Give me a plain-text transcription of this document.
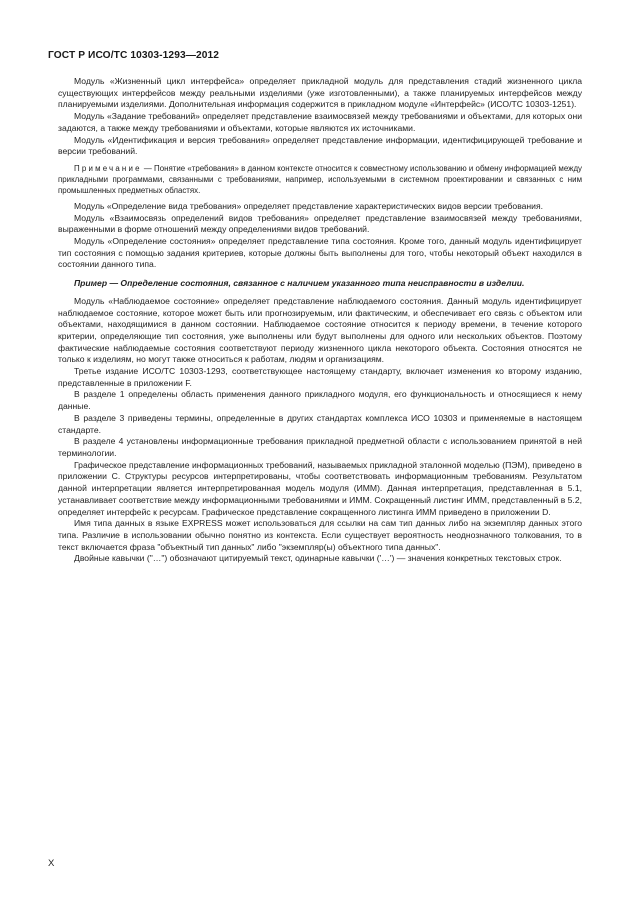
ГОСТ Р ИСО/ТС 10303-1293—2012

Модуль «Жизненный цикл интерфейса» определяет прикладной модуль для представления стадий жизненного цикла существующих интерфейсов между реальными изделиями (уже изготовленными), а также планируемых интерфейсов между планируемыми изделиями. Дополнительная информация содержится в прикладном модуле «Интерфейс» (ИСО/ТС 10303-1251).

Модуль «Задание требований» определяет представление взаимосвязей между требованиями и объектами, для которых они задаются, а также между требованиями и объектами, которые являются их источниками.

Модуль «Идентификация и версия требования» определяет представление информации, идентифицирующей требование и версии требований.

Примечание — Понятие «требования» в данном контексте относится к совместному использованию и обмену информацией между прикладными программами, связанными с требованиями, например, используемыми в системном проектировании и связанных с ним промышленных предметных областях.

Модуль «Определение вида требования» определяет представление характеристических видов версии требования.

Модуль «Взаимосвязь определений видов требования» определяет представление взаимосвязей между требованиями, выраженными в форме отношений между определениями видов требований.

Модуль «Определение состояния» определяет представление типа состояния. Кроме того, данный модуль идентифицирует тип состояния с помощью задания критериев, которые должны быть выполнены для того, чтобы некоторый объект находился в состоянии данного типа.

Пример — Определение состояния, связанное с наличием указанного типа неисправности в изделии.

Модуль «Наблюдаемое состояние» определяет представление наблюдаемого состояния. Данный модуль идентифицирует наблюдаемое состояние, которое может быть или прогнозируемым, или фактическим, и обеспечивает его связь с объектом или объектами, находящимися в данном состоянии. Наблюдаемое состояние относится к периоду времени, в течение которого критерии, определяющие тип состояния, уже выполнены или будут выполнены для одного или нескольких объектов. Поэтому фактические наблюдаемые состояния соответствуют периоду жизненного цикла некоторого объекта. Состояния относятся не только к изделиям, но могут также относиться к работам, людям и организациям.

Третье издание ИСО/ТС 10303-1293, соответствующее настоящему стандарту, включает изменения ко второму изданию, представленные в приложении F.

В разделе 1 определены область применения данного прикладного модуля, его функциональность и относящиеся к нему данные.

В разделе 3 приведены термины, определенные в других стандартах комплекса ИСО 10303 и применяемые в настоящем стандарте.

В разделе 4 установлены информационные требования прикладной предметной области с использованием принятой в ней терминологии.

Графическое представление информационных требований, называемых прикладной эталонной моделью (ПЭМ), приведено в приложении С. Структуры ресурсов интерпретированы, чтобы соответствовать информационным требованиям. Результатом данной интерпретации является интерпретированная модель модуля (ИММ). Данная интерпретация, представленная в 5.1, устанавливает соответствие между информационными требованиями и ИММ. Сокращенный листинг ИММ, представленный в 5.2, определяет интерфейс к ресурсам. Графическое представление сокращенного листинга ИММ приведено в приложении D.

Имя типа данных в языке EXPRESS может использоваться для ссылки на сам тип данных либо на экземпляр данных этого типа. Различие в использовании обычно понятно из контекста. Если существует вероятность неоднозначного толкования, то в текст включается фраза "объектный тип данных" либо "экземпляр(ы) объектного типа данных".

Двойные кавычки ("…") обозначают цитируемый текст, одинарные кавычки ('…') — значения конкретных текстовых строк.

X
